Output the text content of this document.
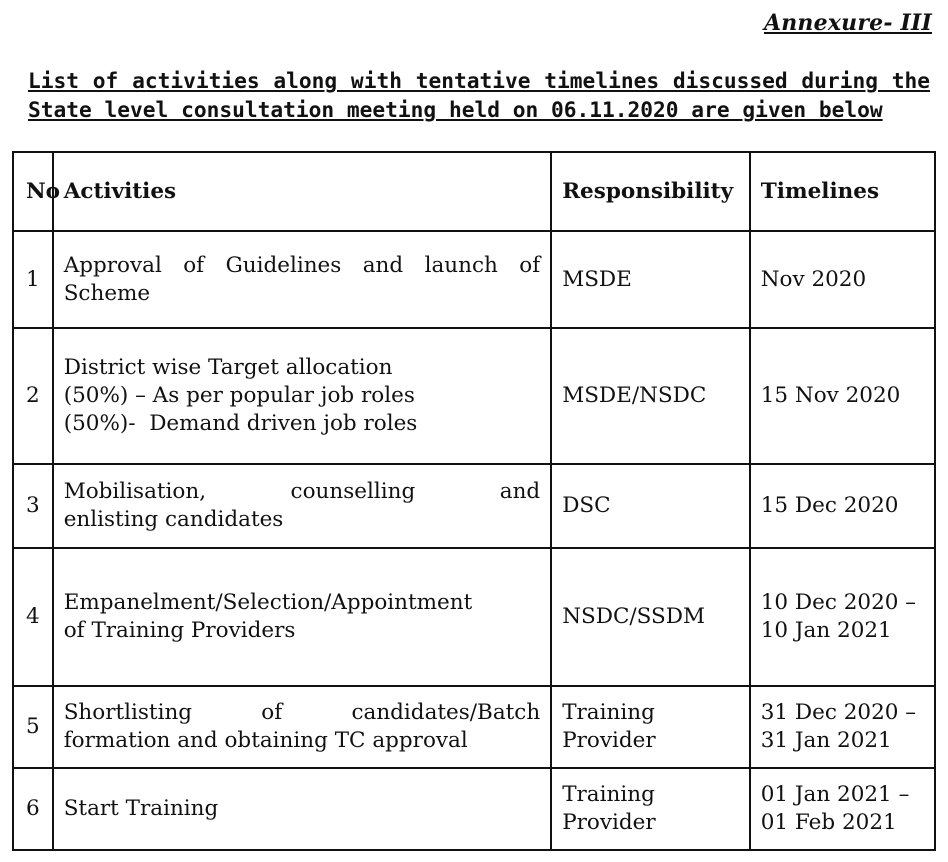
Annexure- III
List of activities along with tentative timelines discussed during the
State level consultation meeting held on 06.11.2020 are given below
No	Activities	Responsibility	Timelines
1	Approval of Guidelines and launch of
Scheme	MSDE	Nov 2020
2	District wise Target allocation
(50%) – As per popular job roles
(50%)-  Demand driven job roles	MSDE/NSDC	15 Nov 2020
3	Mobilisation, counselling and
enlisting candidates	DSC	15 Dec 2020
4	Empanelment/Selection/Appointment
of Training Providers	NSDC/SSDM	10 Dec 2020 – 10 Jan 2021
5	Shortlisting of candidates/Batch
formation and obtaining TC approval	Training Provider	31 Dec 2020 – 31 Jan 2021
6	Start Training	Training Provider	01 Jan 2021 – 01 Feb 2021
